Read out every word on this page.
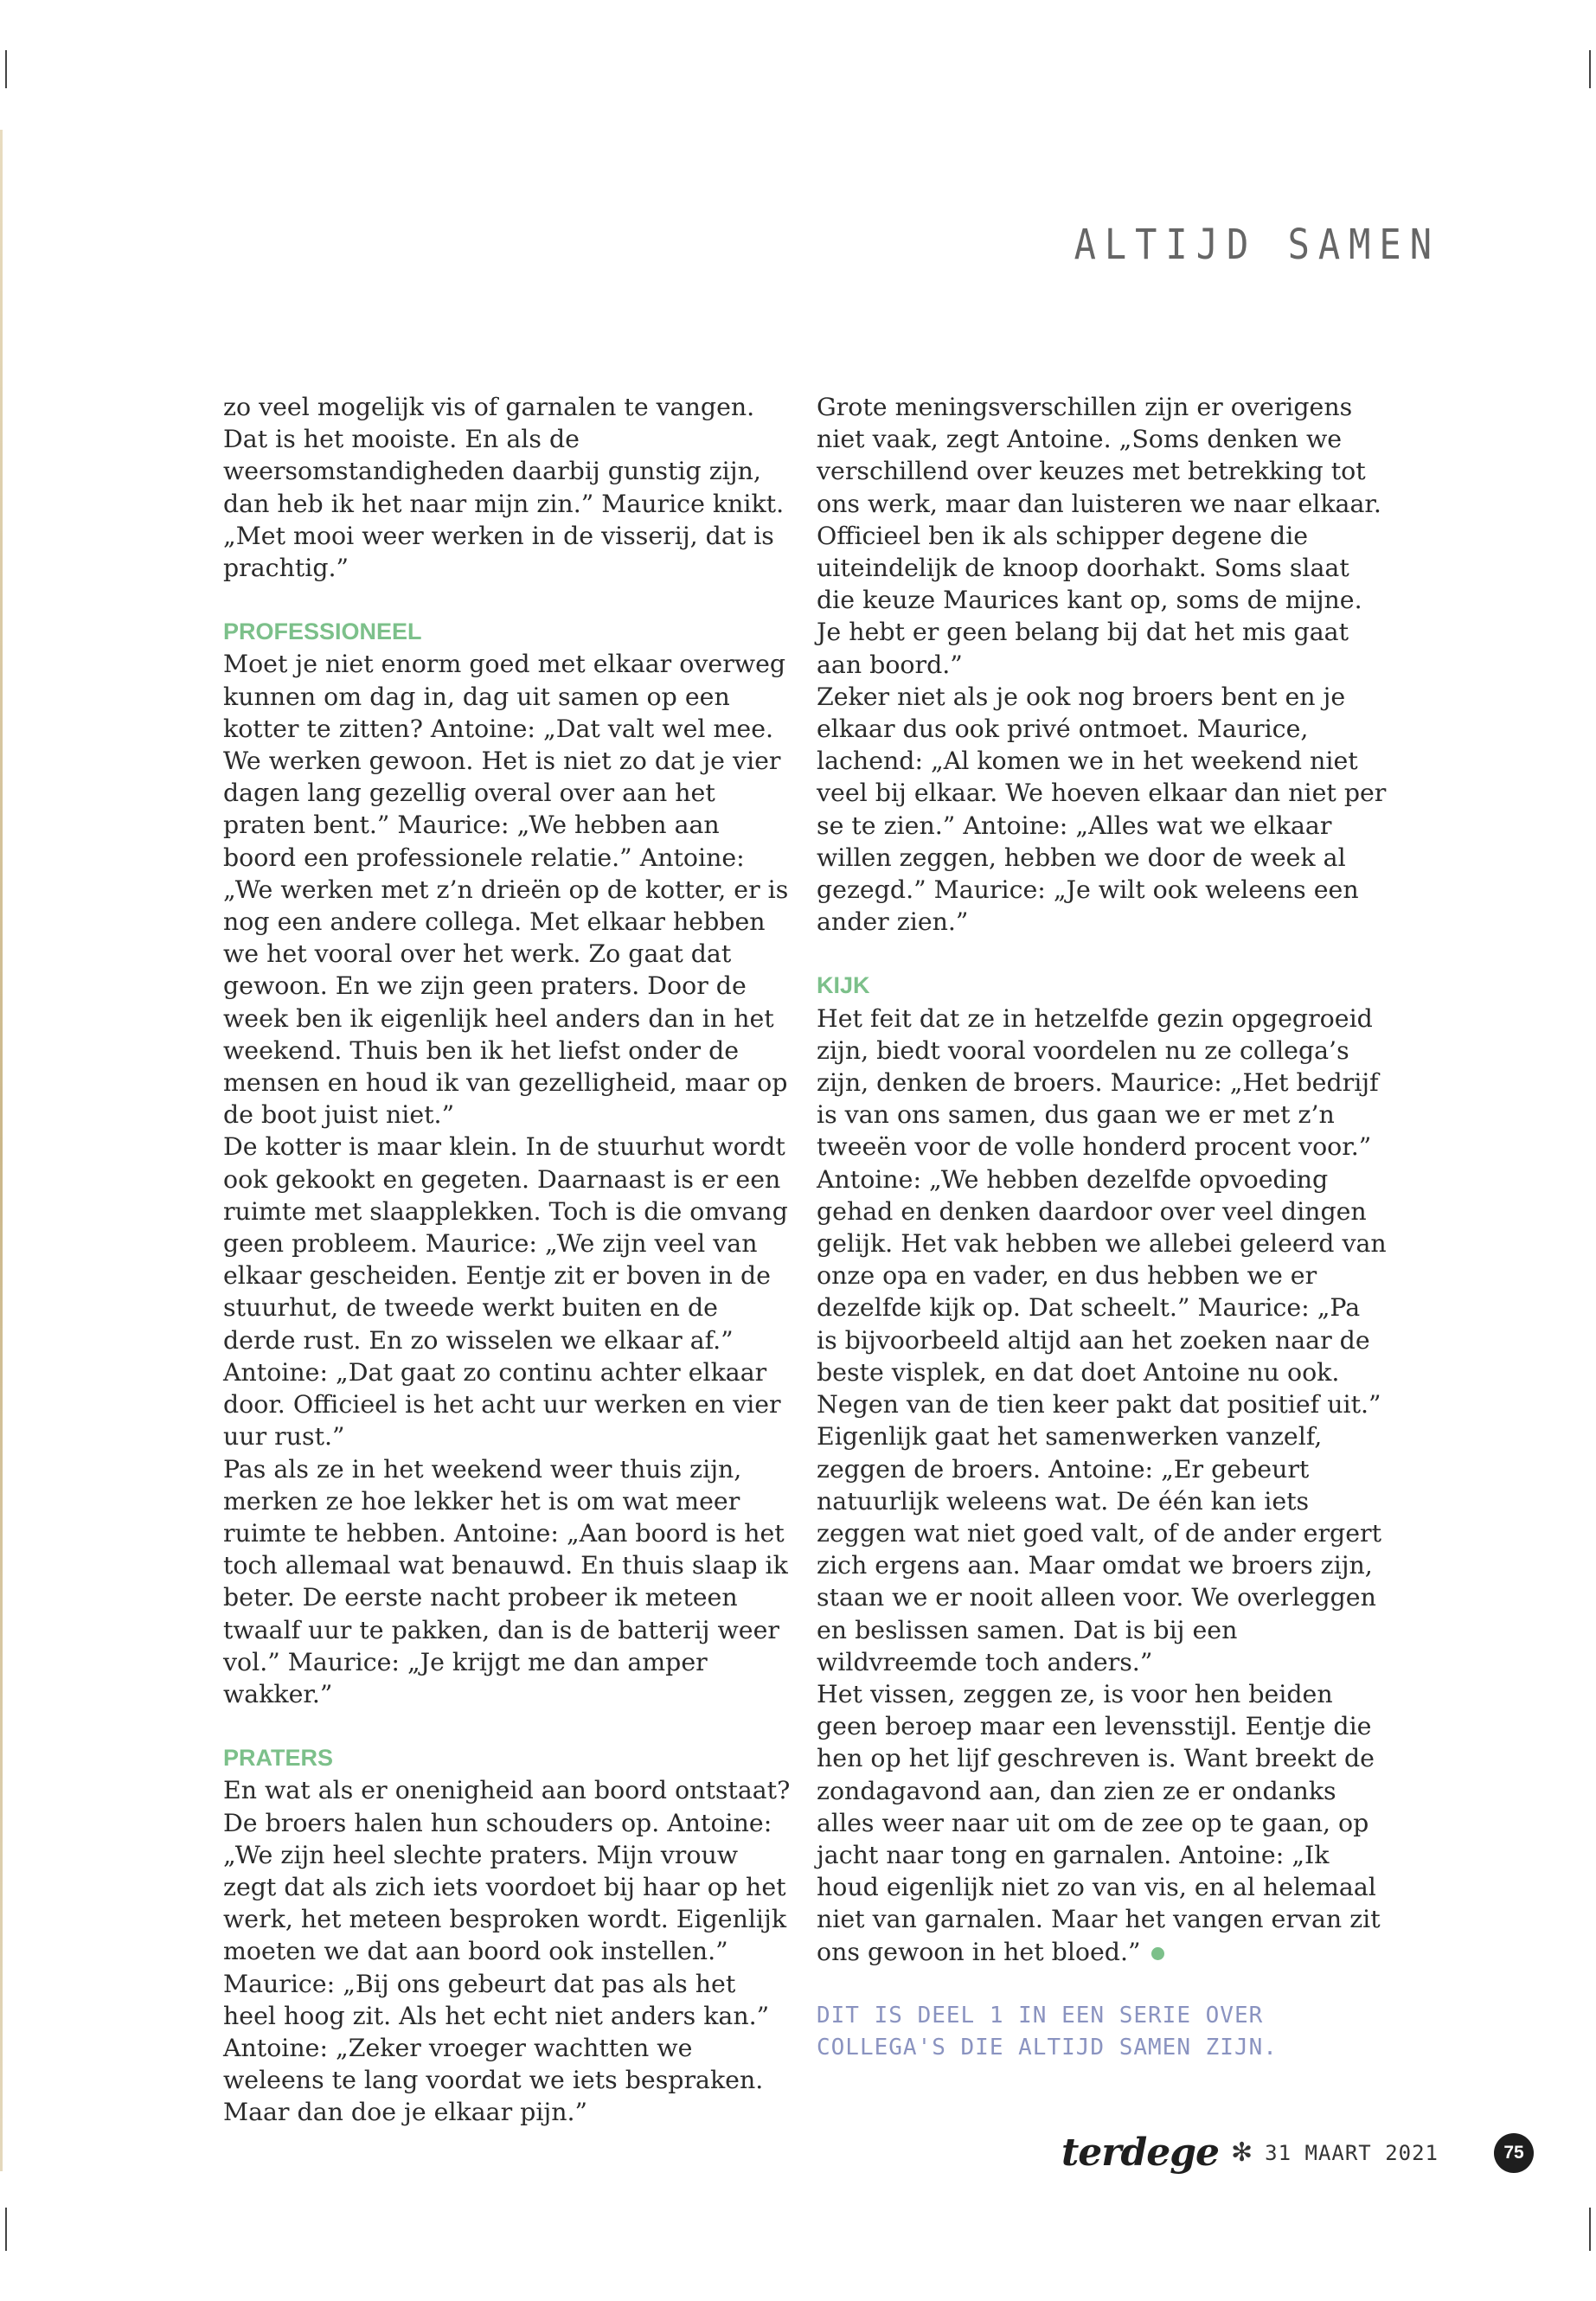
ALTIJD SAMEN

zo veel mogelijk vis of garnalen te vangen. Dat is het mooiste. En als de weersomstandigheden daarbij gunstig zijn, dan heb ik het naar mijn zin.” Maurice knikt. „Met mooi weer werken in de visserij, dat is prachtig.”

PROFESSIONEEL

Moet je niet enorm goed met elkaar overweg kunnen om dag in, dag uit samen op een kotter te zitten? Antoine: „Dat valt wel mee. We werken gewoon. Het is niet zo dat je vier dagen lang gezellig overal over aan het praten bent.” Maurice: „We hebben aan boord een professionele relatie.” Antoine: „We werken met z’n drieën op de kotter, er is nog een andere collega. Met elkaar hebben we het vooral over het werk. Zo gaat dat gewoon. En we zijn geen praters. Door de week ben ik eigenlijk heel anders dan in het weekend. Thuis ben ik het liefst onder de mensen en houd ik van gezelligheid, maar op de boot juist niet.”

De kotter is maar klein. In de stuurhut wordt ook gekookt en gegeten. Daarnaast is er een ruimte met slaapplekken. Toch is die omvang geen probleem. Maurice: „We zijn veel van elkaar gescheiden. Eentje zit er boven in de stuurhut, de tweede werkt buiten en de derde rust. En zo wisselen we elkaar af.” Antoine: „Dat gaat zo continu achter elkaar door. Officieel is het acht uur werken en vier uur rust.”

Pas als ze in het weekend weer thuis zijn, merken ze hoe lekker het is om wat meer ruimte te hebben. Antoine: „Aan boord is het toch allemaal wat benauwd. En thuis slaap ik beter. De eerste nacht probeer ik meteen twaalf uur te pakken, dan is de batterij weer vol.” Maurice: „Je krijgt me dan amper wakker.”

PRATERS

En wat als er onenigheid aan boord ontstaat? De broers halen hun schouders op. Antoine: „We zijn heel slechte praters. Mijn vrouw zegt dat als zich iets voordoet bij haar op het werk, het meteen besproken wordt. Eigenlijk moeten we dat aan boord ook instellen.” Maurice: „Bij ons gebeurt dat pas als het heel hoog zit. Als het echt niet anders kan.” Antoine: „Zeker vroeger wachtten we weleens te lang voordat we iets bespraken. Maar dan doe je elkaar pijn.”

Grote meningsverschillen zijn er overigens niet vaak, zegt Antoine. „Soms denken we verschillend over keuzes met betrekking tot ons werk, maar dan luisteren we naar elkaar. Officieel ben ik als schipper degene die uiteindelijk de knoop doorhakt. Soms slaat die keuze Maurices kant op, soms de mijne. Je hebt er geen belang bij dat het mis gaat aan boord.”

Zeker niet als je ook nog broers bent en je elkaar dus ook privé ontmoet. Maurice, lachend: „Al komen we in het weekend niet veel bij elkaar. We hoeven elkaar dan niet per se te zien.” Antoine: „Alles wat we elkaar willen zeggen, hebben we door de week al gezegd.” Maurice: „Je wilt ook weleens een ander zien.”

KIJK

Het feit dat ze in hetzelfde gezin opgegroeid zijn, biedt vooral voordelen nu ze collega’s zijn, denken de broers. Maurice: „Het bedrijf is van ons samen, dus gaan we er met z’n tweeën voor de volle honderd procent voor.” Antoine: „We hebben dezelfde opvoeding gehad en denken daardoor over veel dingen gelijk. Het vak hebben we allebei geleerd van onze opa en vader, en dus hebben we er dezelfde kijk op. Dat scheelt.” Maurice: „Pa is bijvoorbeeld altijd aan het zoeken naar de beste visplek, en dat doet Antoine nu ook. Negen van de tien keer pakt dat positief uit.”

Eigenlijk gaat het samenwerken vanzelf, zeggen de broers. Antoine: „Er gebeurt natuurlijk weleens wat. De één kan iets zeggen wat niet goed valt, of de ander ergert zich ergens aan. Maar omdat we broers zijn, staan we er nooit alleen voor. We overleggen en beslissen samen. Dat is bij een wildvreemde toch anders.”

Het vissen, zeggen ze, is voor hen beiden geen beroep maar een levensstijl. Eentje die hen op het lijf geschreven is. Want breekt de zondagavond aan, dan zien ze er ondanks alles weer naar uit om de zee op te gaan, op jacht naar tong en garnalen. Antoine: „Ik houd eigenlijk niet zo van vis, en al helemaal niet van garnalen. Maar het vangen ervan zit ons gewoon in het bloed.”

DIT IS DEEL 1 IN EEN SERIE OVER COLLEGA'S DIE ALTIJD SAMEN ZIJN.
terdege ✻ 31 MAART 2021	75
